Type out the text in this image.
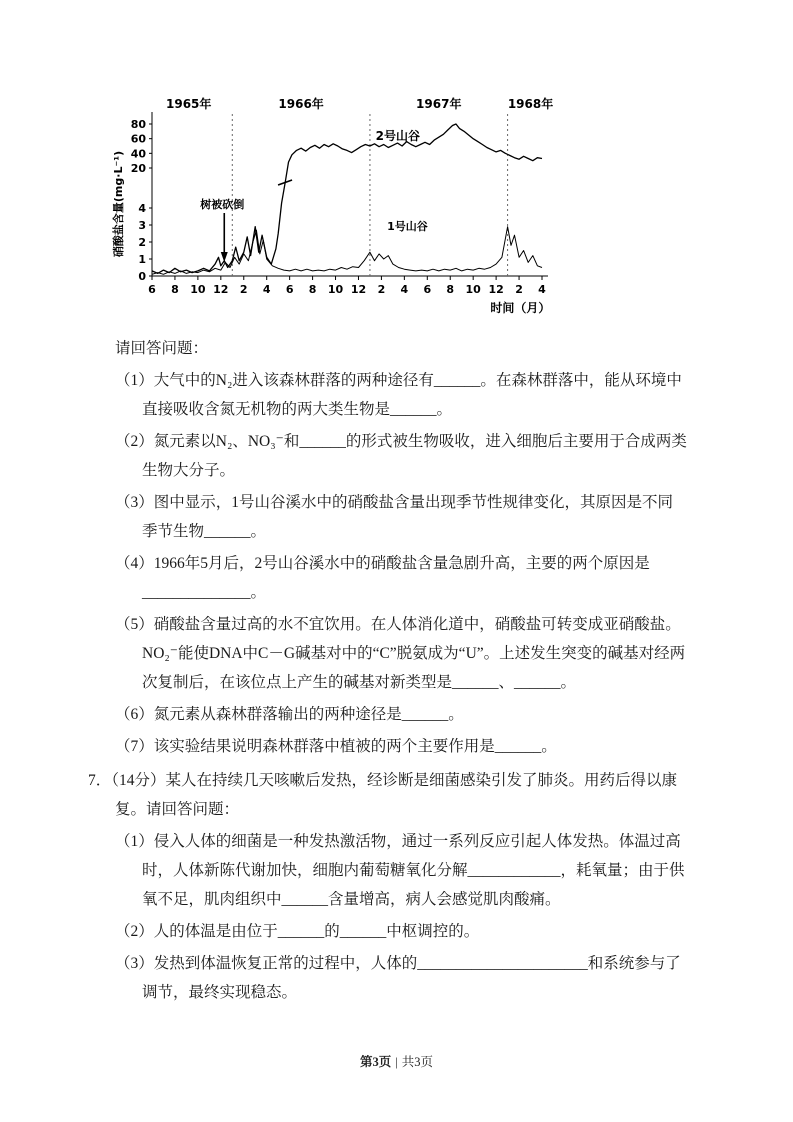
0
1
2
3
4
20
40
60
80
6 8 10 12 2 4 6 8 10 12 2 4 6 8 10 12 2 4
1965年	1966年	1967年	1968年
时间（月）
硝酸盐含量(mg·L⁻¹)	树被砍倒
2号山谷
1号山谷
请回答问题：
（1）大气中的N₂进入该森林群落的两种途径有______。在森林群落中，能从环境中直接吸收含氮无机物的两大类生物是______。
（2）氮元素以N₂、NO₃⁻和______的形式被生物吸收，进入细胞后主要用于合成两类生物大分子。
（3）图中显示，1号山谷溪水中的硝酸盐含量出现季节性规律变化，其原因是不同季节生物______。
（4）1966年5月后，2号山谷溪水中的硝酸盐含量急剧升高，主要的两个原因是______________。
（5）硝酸盐含量过高的水不宜饮用。在人体消化道中，硝酸盐可转变成亚硝酸盐。NO₂⁻能使DNA中C－G碱基对中的“C”脱氨成为“U”。上述发生突变的碱基对经两次复制后，在该位点上产生的碱基对新类型是______、______。
（6）氮元素从森林群落输出的两种途径是______。
（7）该实验结果说明森林群落中植被的两个主要作用是______。
7．（14分）某人在持续几天咳嗽后发热，经诊断是细菌感染引发了肺炎。用药后得以康复。请回答问题：
（1）侵入人体的细菌是一种发热激活物，通过一系列反应引起人体发热。体温过高时，人体新陈代谢加快，细胞内葡萄糖氧化分解____________，耗氧量；由于供氧不足，肌肉组织中______含量增高，病人会感觉肌肉酸痛。
（2）人的体温是由位于______的______中枢调控的。
（3）发热到体温恢复正常的过程中，人体的______________________和系统参与了调节，最终实现稳态。
第3页 | 共3页
